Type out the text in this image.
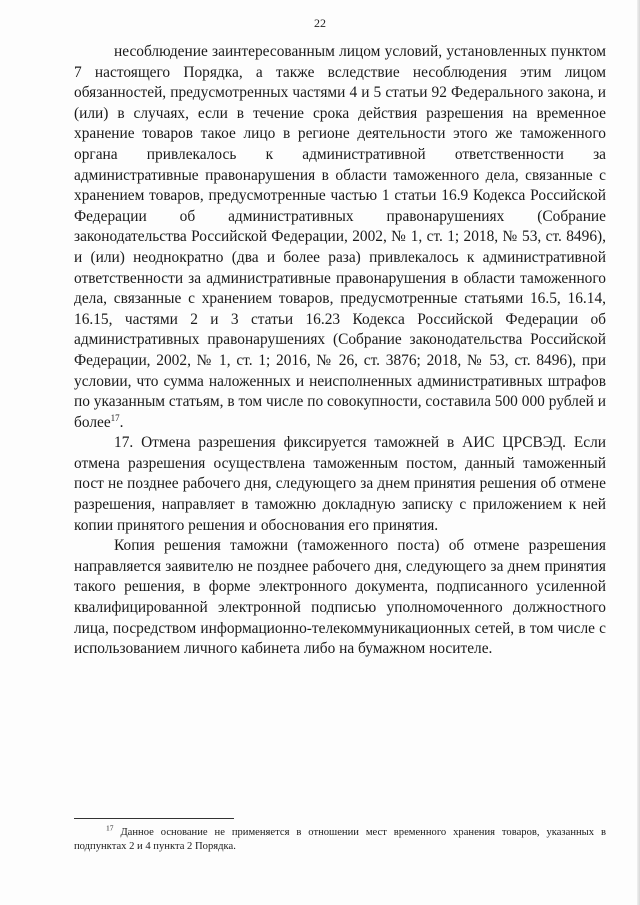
22

несоблюдение заинтересованным лицом условий, установленных пунктом 7 настоящего Порядка, а также вследствие несоблюдения этим лицом обязанностей, предусмотренных частями 4 и 5 статьи 92 Федерального закона, и (или) в случаях, если в течение срока действия разрешения на временное хранение товаров такое лицо в регионе деятельности этого же таможенного органа привлекалось к административной ответственности за административные правонарушения в области таможенного дела, связанные с хранением товаров, предусмотренные частью 1 статьи 16.9 Кодекса Российской Федерации об административных правонарушениях (Собрание законодательства Российской Федерации, 2002, № 1, ст. 1; 2018, № 53, ст. 8496), и (или) неоднократно (два и более раза) привлекалось к административной ответственности за административные правонарушения в области таможенного дела, связанные с хранением товаров, предусмотренные статьями 16.5, 16.14, 16.15, частями 2 и 3 статьи 16.23 Кодекса Российской Федерации об административных правонарушениях (Собрание законодательства Российской Федерации, 2002, № 1, ст. 1; 2016, № 26, ст. 3876; 2018, № 53, ст. 8496), при условии, что сумма наложенных и неисполненных административных штрафов по указанным статьям, в том числе по совокупности, составила 500 000 рублей и более$^{17}$.

17. Отмена разрешения фиксируется таможней в АИС ЦРСВЭД. Если отмена разрешения осуществлена таможенным постом, данный таможенный пост не позднее рабочего дня, следующего за днем принятия решения об отмене разрешения, направляет в таможню докладную записку с приложением к ней копии принятого решения и обоснования его принятия.

Копия решения таможни (таможенного поста) об отмене разрешения направляется заявителю не позднее рабочего дня, следующего за днем принятия такого решения, в форме электронного документа, подписанного усиленной квалифицированной электронной подписью уполномоченного должностного лица, посредством информационно-телекоммуникационных сетей, в том числе с использованием личного кабинета либо на бумажном носителе.

$^{17}$ Данное основание не применяется в отношении мест временного хранения товаров, указанных в подпунктах 2 и 4 пункта 2 Порядка.
